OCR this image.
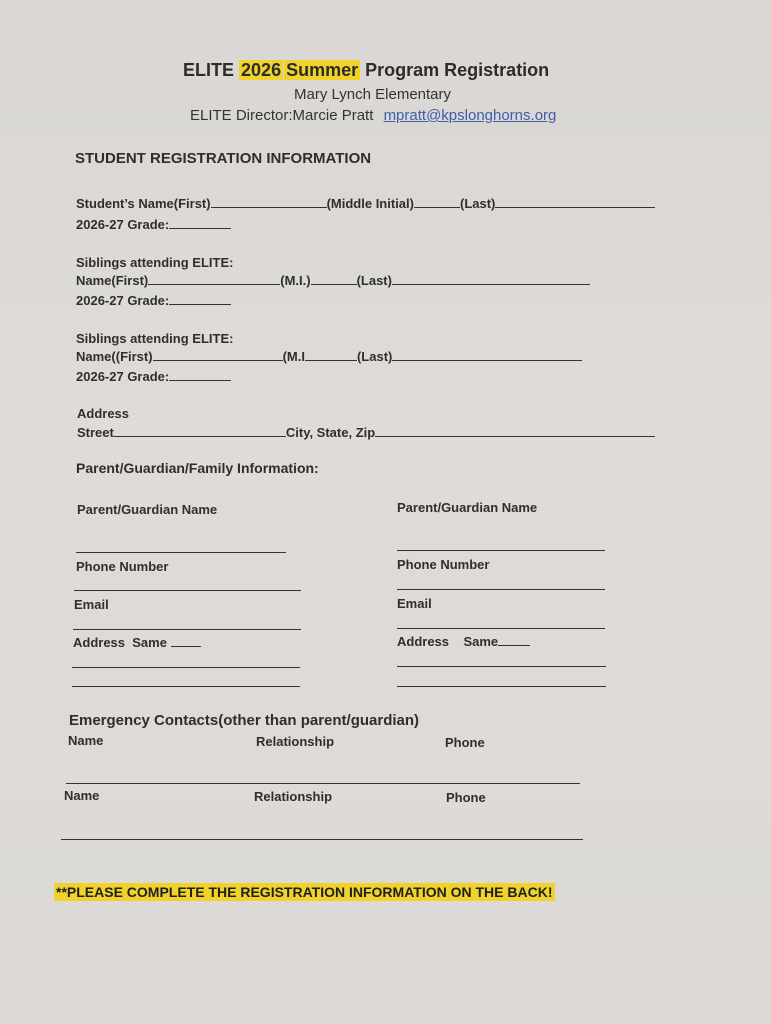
ELITE 2026 Summer Program Registration
Mary Lynch Elementary
ELITE Director:Marcie Pratt mpratt@kpslonghorns.org
STUDENT REGISTRATION INFORMATION
Student’s Name(First)	(Middle Initial)	(Last)
2026-27 Grade:
Siblings attending ELITE:
Name(First)	(M.I.)	(Last)
2026-27 Grade:
Siblings attending ELITE:
Name((First)	(M.I	(Last)
2026-27 Grade:
Address
Street	City, State, Zip
Parent/Guardian/Family Information:
Parent/Guardian Name
Phone Number
Email
Address  Same
Parent/Guardian Name
Phone Number
Email
Address    Same
Emergency Contacts(other than parent/guardian)
Name	Relationship	Phone
Name	Relationship	Phone
**PLEASE COMPLETE THE REGISTRATION INFORMATION ON THE BACK!
